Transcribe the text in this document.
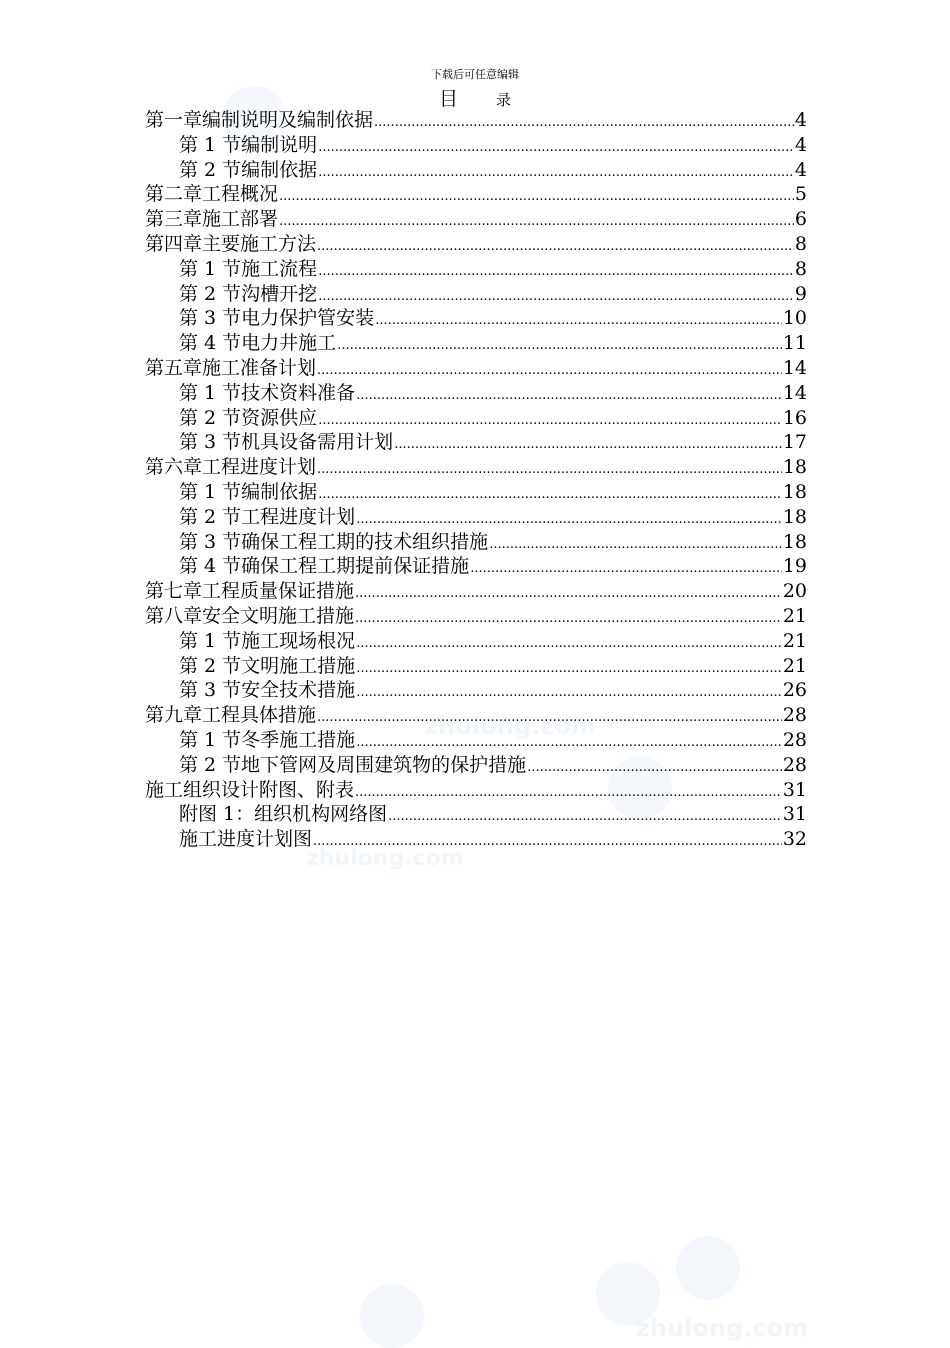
zhulong.com
zhulong.com
zhulong.com
下载后可任意编辑
目	录
第一章 编制说明及编制依据 .....	4
第 1 节 编制说明 .....	4
第 2 节 编制依据 .....	4
第二章 工程概况 .....	5
第三章 施工部署 .....	6
第四章 主要施工方法 .....	8
第 1 节 施工流程 .....	8
第 2 节 沟槽开挖 .....	9
第 3 节 电力保护管安装 .....	10
第 4 节 电力井施工 .....	11
第五章 施工准备计划 .....	14
第 1 节 技术资料准备 .....	14
第 2 节 资源供应 .....	16
第 3 节 机具设备需用计划 .....	17
第六章 工程进度计划 .....	18
第 1 节 编制依据 .....	18
第 2 节 工程进度计划 .....	18
第 3 节 确保工程工期的技术组织措施 .....	18
第 4 节 确保工程工期提前保证措施 .....	19
第七章 工程质量保证措施 .....	20
第八章 安全文明施工措施 .....	21
第 1 节 施工现场根况 .....	21
第 2 节 文明施工措施 .....	21
第 3 节 安全技术措施 .....	26
第九章 工程具体措施 .....	28
第 1 节 冬季施工措施 .....	28
第 2 节 地下管网及周围建筑物的保护措施 .....	28
施工组织设计附图、附表 .....	31
附图 1：组织机构网络图 .....	31
施工进度计划图 .....	32
